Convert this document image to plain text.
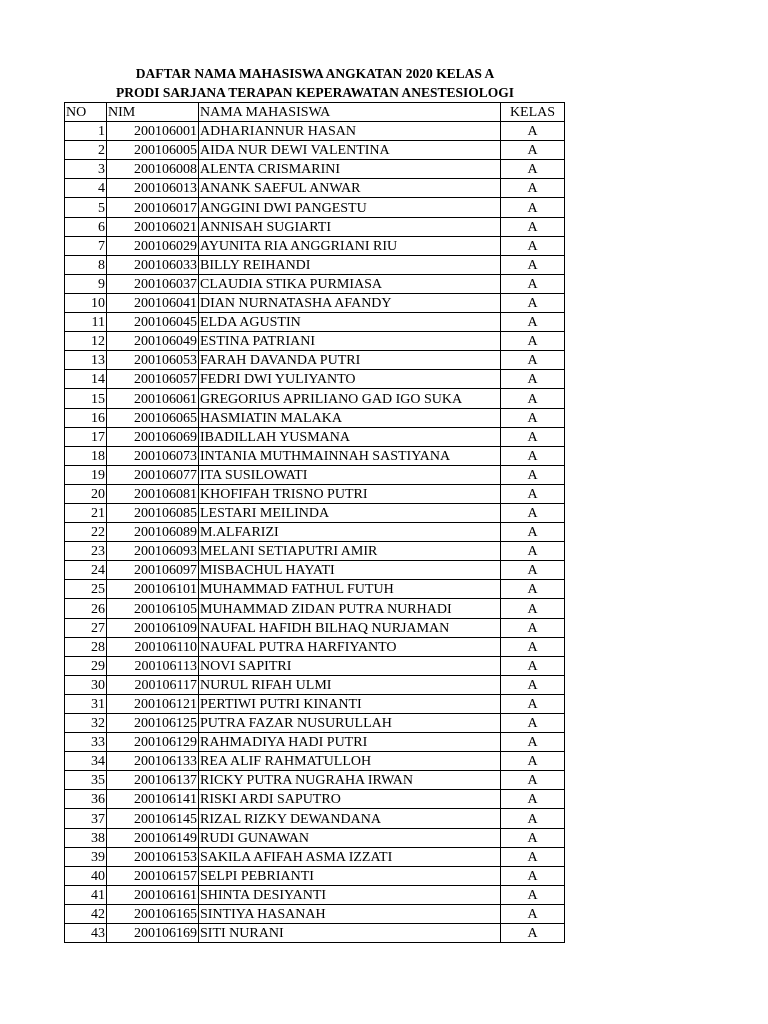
DAFTAR NAMA MAHASISWA ANGKATAN 2020 KELAS A
PRODI SARJANA TERAPAN KEPERAWATAN ANESTESIOLOGI
NO	NIM	NAMA MAHASISWA	KELAS
1	200106001	ADHARIANNUR HASAN	A
2	200106005	AIDA NUR DEWI VALENTINA	A
3	200106008	ALENTA CRISMARINI	A
4	200106013	ANANK SAEFUL ANWAR	A
5	200106017	ANGGINI DWI PANGESTU	A
6	200106021	ANNISAH SUGIARTI	A
7	200106029	AYUNITA RIA ANGGRIANI RIU	A
8	200106033	BILLY REIHANDI	A
9	200106037	CLAUDIA STIKA PURMIASA	A
10	200106041	DIAN NURNATASHA AFANDY	A
11	200106045	ELDA AGUSTIN	A
12	200106049	ESTINA PATRIANI	A
13	200106053	FARAH DAVANDA PUTRI	A
14	200106057	FEDRI DWI YULIYANTO	A
15	200106061	GREGORIUS APRILIANO GAD IGO SUKA	A
16	200106065	HASMIATIN MALAKA	A
17	200106069	IBADILLAH YUSMANA	A
18	200106073	INTANIA MUTHMAINNAH SASTIYANA	A
19	200106077	ITA SUSILOWATI	A
20	200106081	KHOFIFAH TRISNO PUTRI	A
21	200106085	LESTARI MEILINDA	A
22	200106089	M.ALFARIZI	A
23	200106093	MELANI SETIAPUTRI AMIR	A
24	200106097	MISBACHUL HAYATI	A
25	200106101	MUHAMMAD FATHUL FUTUH	A
26	200106105	MUHAMMAD ZIDAN PUTRA NURHADI	A
27	200106109	NAUFAL HAFIDH BILHAQ NURJAMAN	A
28	200106110	NAUFAL PUTRA HARFIYANTO	A
29	200106113	NOVI SAPITRI	A
30	200106117	NURUL RIFAH ULMI	A
31	200106121	PERTIWI PUTRI KINANTI	A
32	200106125	PUTRA FAZAR NUSURULLAH	A
33	200106129	RAHMADIYA HADI PUTRI	A
34	200106133	REA ALIF RAHMATULLOH	A
35	200106137	RICKY PUTRA NUGRAHA IRWAN	A
36	200106141	RISKI ARDI SAPUTRO	A
37	200106145	RIZAL RIZKY DEWANDANA	A
38	200106149	RUDI GUNAWAN	A
39	200106153	SAKILA AFIFAH ASMA IZZATI	A
40	200106157	SELPI PEBRIANTI	A
41	200106161	SHINTA DESIYANTI	A
42	200106165	SINTIYA HASANAH	A
43	200106169	SITI NURANI	A
